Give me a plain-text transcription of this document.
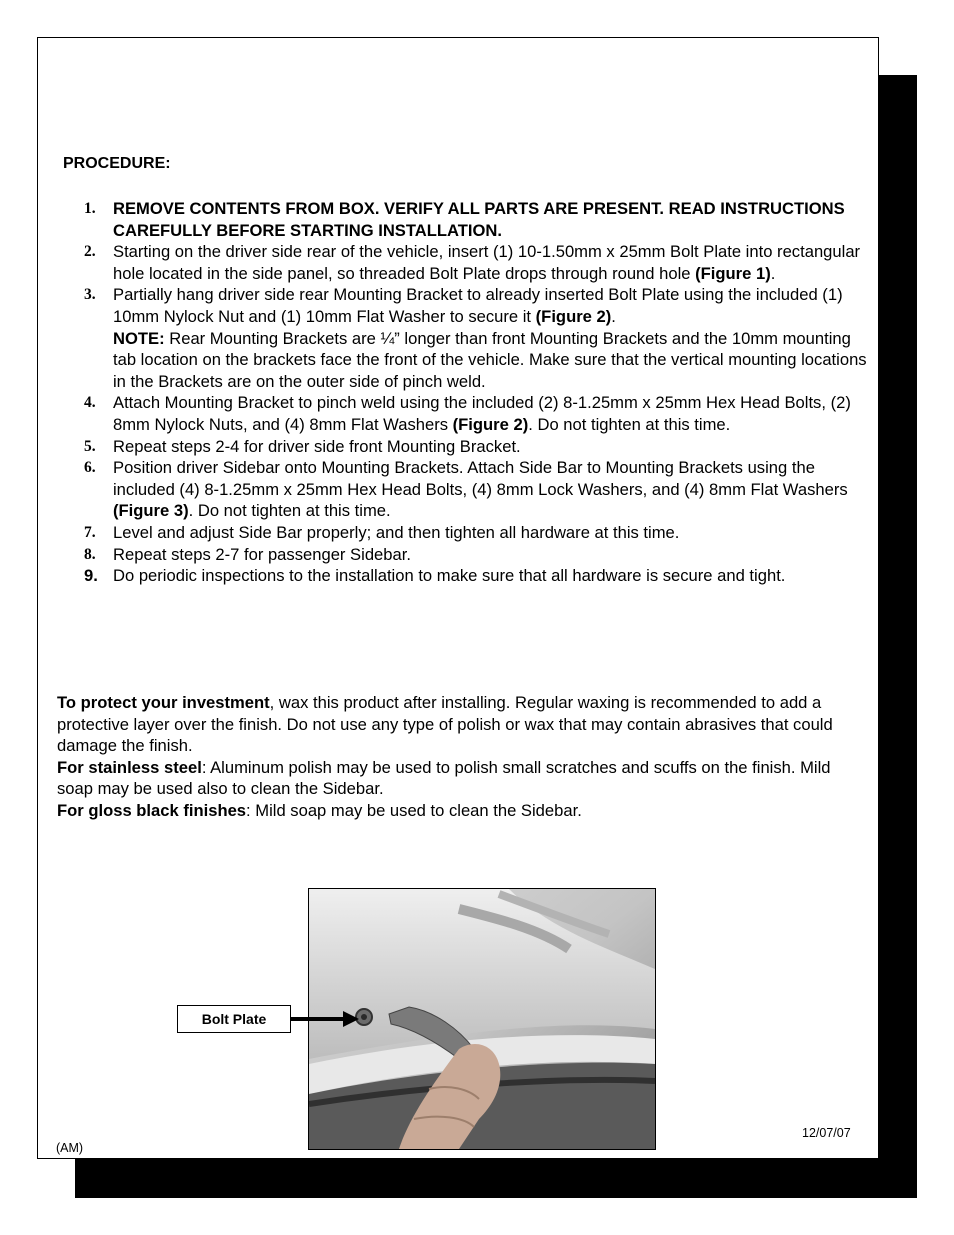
PROCEDURE:
1. REMOVE CONTENTS FROM BOX. VERIFY ALL PARTS ARE PRESENT. READ INSTRUCTIONS CAREFULLY BEFORE STARTING INSTALLATION.
2. Starting on the driver side rear of the vehicle, insert (1) 10-1.50mm x 25mm Bolt Plate into rectangular hole located in the side panel, so threaded Bolt Plate drops through round hole (Figure 1).
3. Partially hang driver side rear Mounting Bracket to already inserted Bolt Plate using the included (1) 10mm Nylock Nut and (1) 10mm Flat Washer to secure it (Figure 2).
NOTE: Rear Mounting Brackets are ¼” longer than front Mounting Brackets and the 10mm mounting tab location on the brackets face the front of the vehicle. Make sure that the vertical mounting locations in the Brackets are on the outer side of pinch weld.
4. Attach Mounting Bracket to pinch weld using the included (2) 8-1.25mm x 25mm Hex Head Bolts, (2) 8mm Nylock Nuts, and (4) 8mm Flat Washers (Figure 2). Do not tighten at this time.
5. Repeat steps 2-4 for driver side front Mounting Bracket.
6. Position driver Sidebar onto Mounting Brackets. Attach Side Bar to Mounting Brackets using the included (4) 8-1.25mm x 25mm Hex Head Bolts, (4) 8mm Lock Washers, and (4) 8mm Flat Washers (Figure 3). Do not tighten at this time.
7. Level and adjust Side Bar properly; and then tighten all hardware at this time.
8. Repeat steps 2-7 for passenger Sidebar.
9. Do periodic inspections to the installation to make sure that all hardware is secure and tight.

To protect your investment, wax this product after installing. Regular waxing is recommended to add a protective layer over the finish. Do not use any type of polish or wax that may contain abrasives that could damage the finish.

For stainless steel: Aluminum polish may be used to polish small scratches and scuffs on the finish. Mild soap may be used also to clean the Sidebar.

For gloss black finishes: Mild soap may be used to clean the Sidebar.

Bolt Plate
12/07/07
(AM)
